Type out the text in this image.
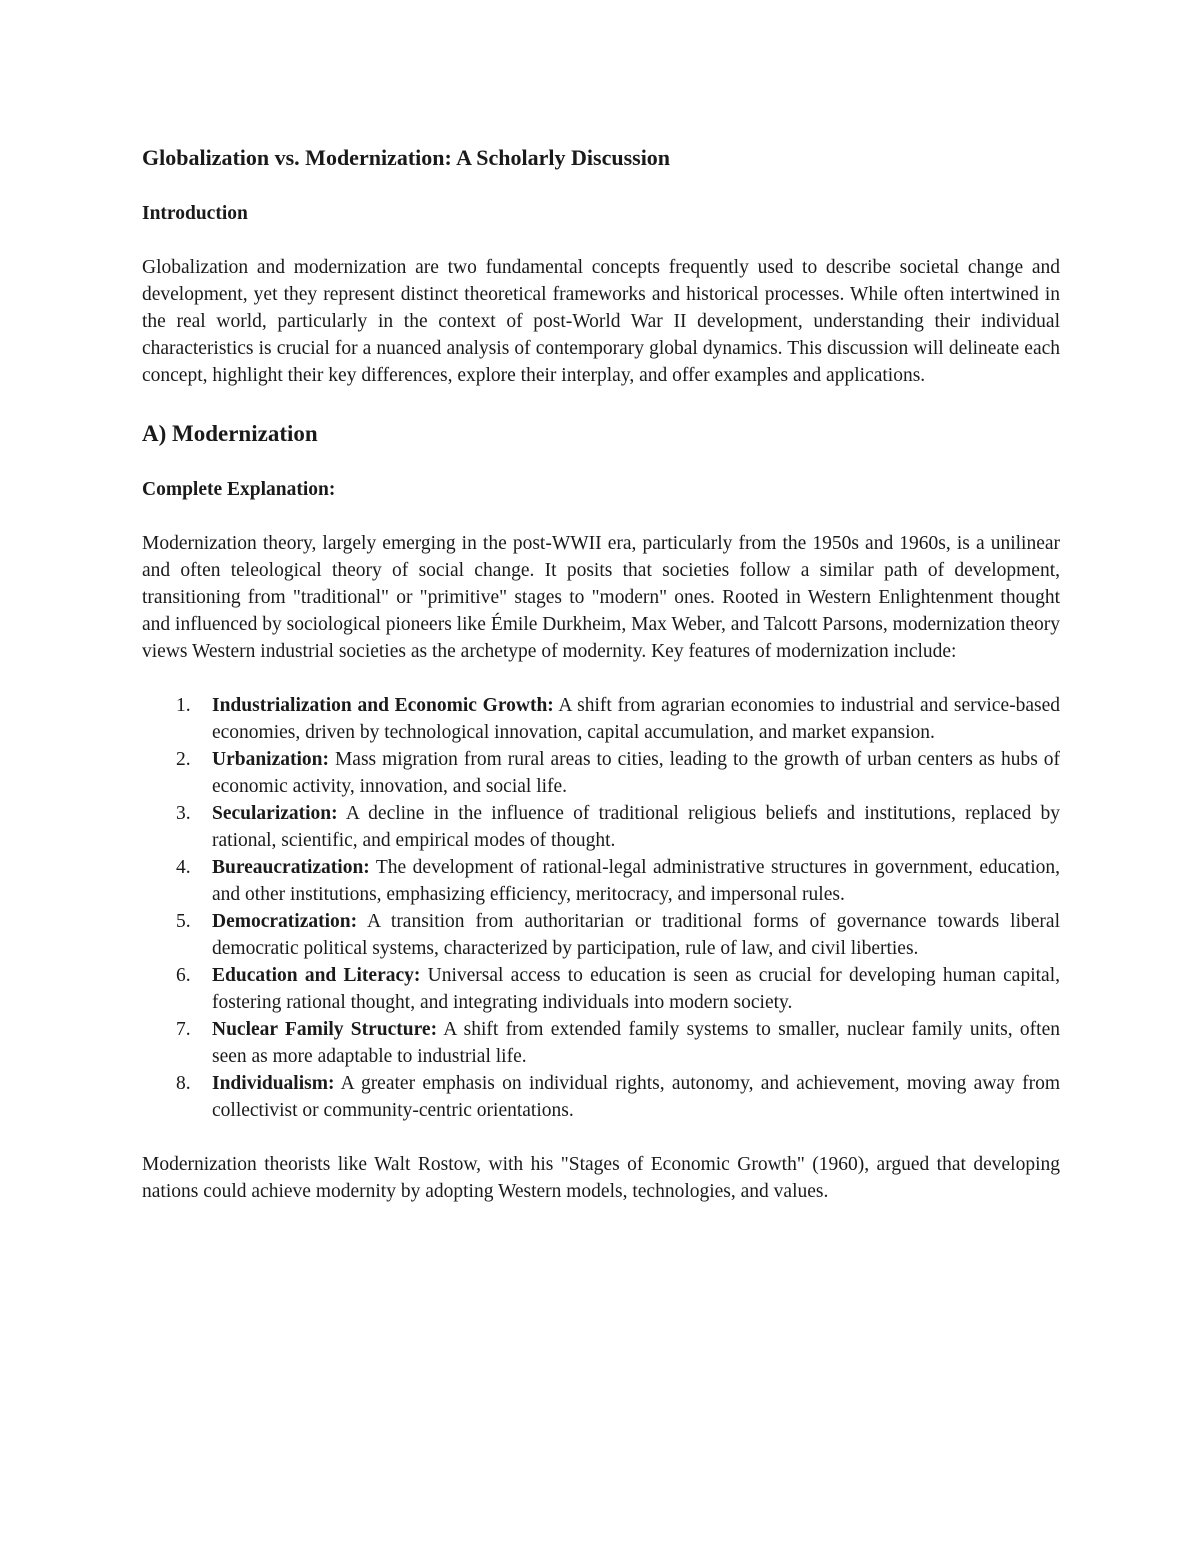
Globalization vs. Modernization: A Scholarly Discussion
Introduction

Globalization and modernization are two fundamental concepts frequently used to describe societal change and development, yet they represent distinct theoretical frameworks and historical processes. While often intertwined in the real world, particularly in the context of post-World War II development, understanding their individual characteristics is crucial for a nuanced analysis of contemporary global dynamics. This discussion will delineate each concept, highlight their key differences, explore their interplay, and offer examples and applications.

A) Modernization
Complete Explanation:

Modernization theory, largely emerging in the post-WWII era, particularly from the 1950s and 1960s, is a unilinear and often teleological theory of social change. It posits that societies follow a similar path of development, transitioning from "traditional" or "primitive" stages to "modern" ones. Rooted in Western Enlightenment thought and influenced by sociological pioneers like Émile Durkheim, Max Weber, and Talcott Parsons, modernization theory views Western industrial societies as the archetype of modernity. Key features of modernization include:

1. Industrialization and Economic Growth: A shift from agrarian economies to industrial and service-based economies, driven by technological innovation, capital accumulation, and market expansion.
2. Urbanization: Mass migration from rural areas to cities, leading to the growth of urban centers as hubs of economic activity, innovation, and social life.
3. Secularization: A decline in the influence of traditional religious beliefs and institutions, replaced by rational, scientific, and empirical modes of thought.
4. Bureaucratization: The development of rational-legal administrative structures in government, education, and other institutions, emphasizing efficiency, meritocracy, and impersonal rules.
5. Democratization: A transition from authoritarian or traditional forms of governance towards liberal democratic political systems, characterized by participation, rule of law, and civil liberties.
6. Education and Literacy: Universal access to education is seen as crucial for developing human capital, fostering rational thought, and integrating individuals into modern society.
7. Nuclear Family Structure: A shift from extended family systems to smaller, nuclear family units, often seen as more adaptable to industrial life.
8. Individualism: A greater emphasis on individual rights, autonomy, and achievement, moving away from collectivist or community-centric orientations.

Modernization theorists like Walt Rostow, with his "Stages of Economic Growth" (1960), argued that developing nations could achieve modernity by adopting Western models, technologies, and values.
